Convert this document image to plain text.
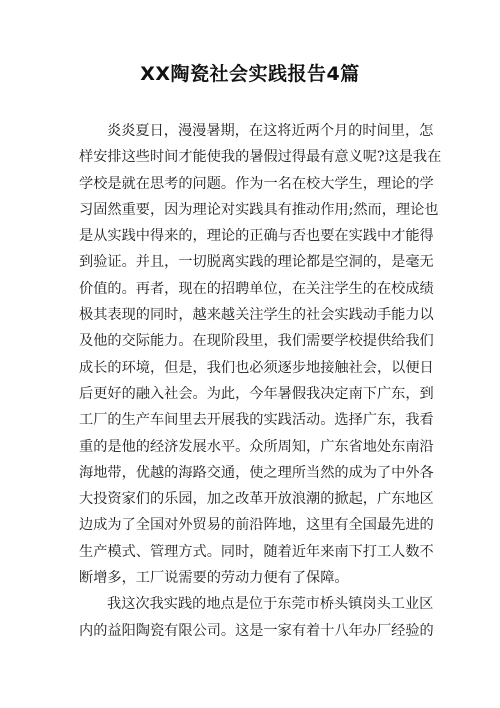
XX陶瓷社会实践报告4篇
炎炎夏日，漫漫暑期，在这将近两个月的时间里，怎
样安排这些时间才能使我的暑假过得最有意义呢?这是我在
学校是就在思考的问题。作为一名在校大学生，理论的学
习固然重要，因为理论对实践具有推动作用;然而，理论也
是从实践中得来的，理论的正确与否也要在实践中才能得
到验证。并且，一切脱离实践的理论都是空洞的，是毫无
价值的。再者，现在的招聘单位，在关注学生的在校成绩
极其表现的同时，越来越关注学生的社会实践动手能力以
及他的交际能力。在现阶段里，我们需要学校提供给我们
成长的环境，但是，我们也必须逐步地接触社会，以便日
后更好的融入社会。为此，今年暑假我决定南下广东，到
工厂的生产车间里去开展我的实践活动。选择广东，我看
重的是他的经济发展水平。众所周知，广东省地处东南沿
海地带，优越的海路交通，使之理所当然的成为了中外各
大投资家们的乐园，加之改革开放浪潮的掀起，广东地区
边成为了全国对外贸易的前沿阵地，这里有全国最先进的
生产模式、管理方式。同时，随着近年来南下打工人数不
断增多，工厂说需要的劳动力便有了保障。
我这次我实践的地点是位于东莞市桥头镇岗头工业区
内的益阳陶瓷有限公司。这是一家有着十八年办厂经验的
